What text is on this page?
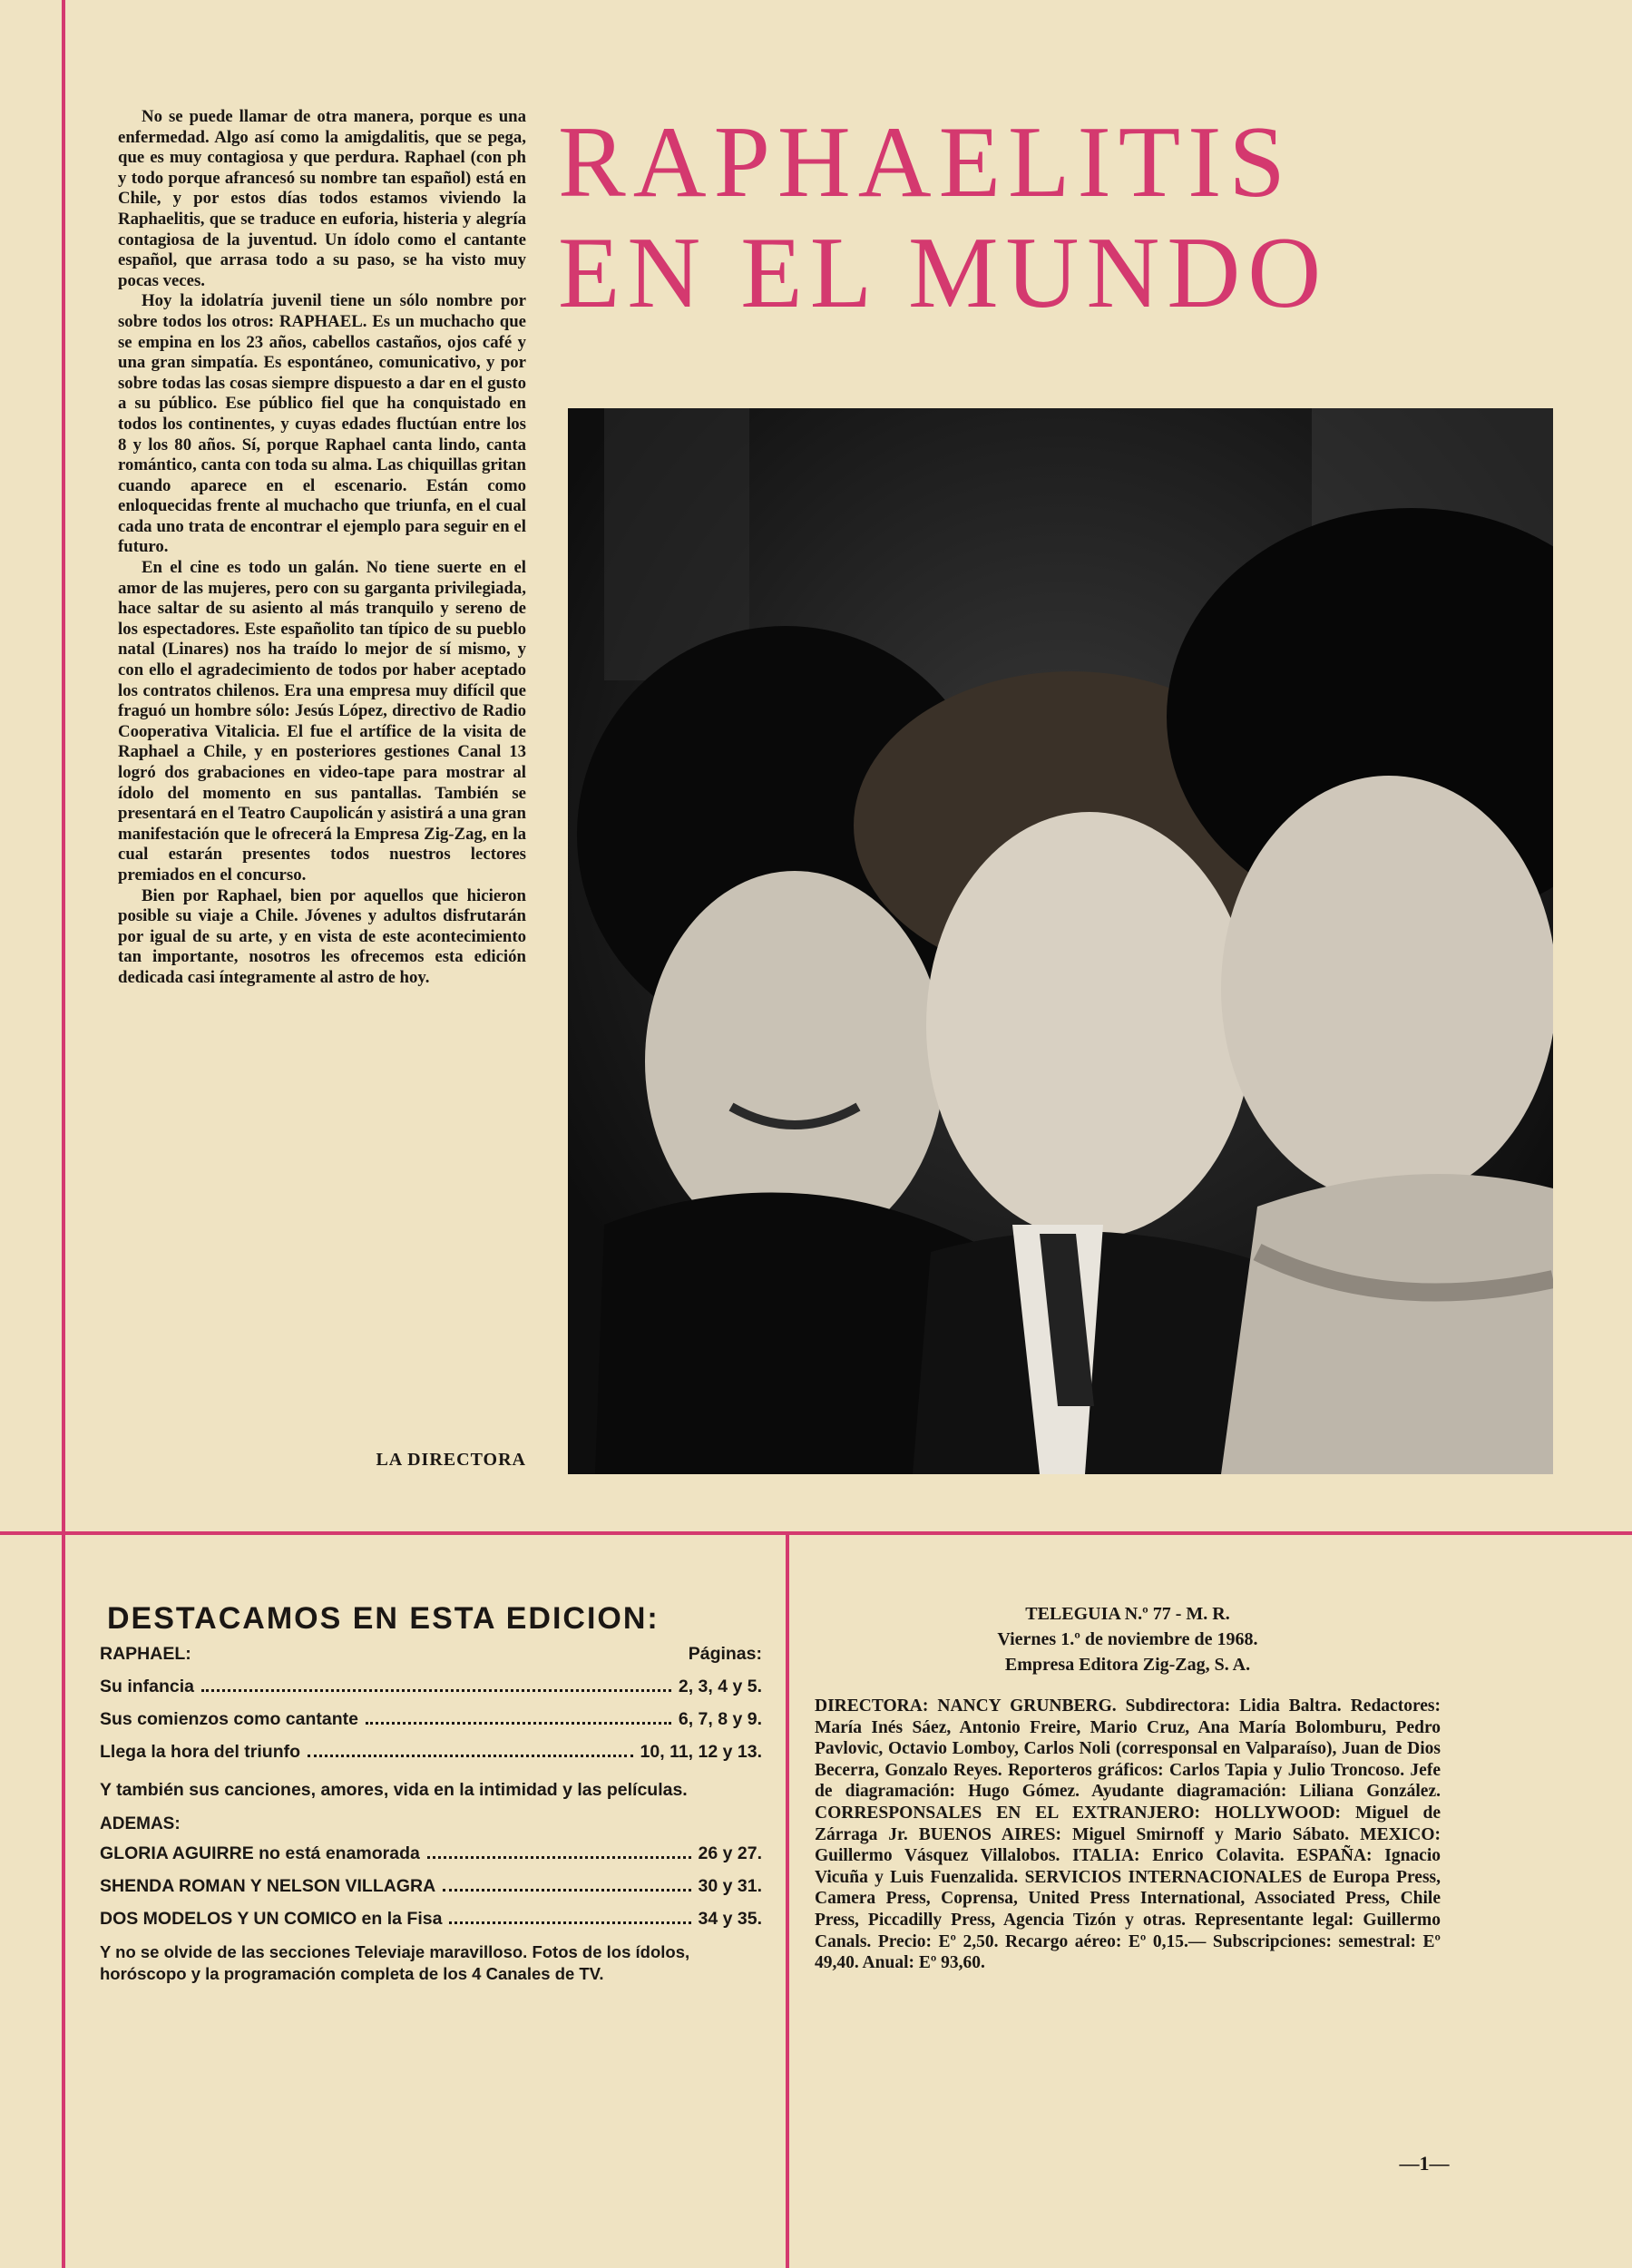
No se puede llamar de otra manera, porque es una enfermedad. Algo así como la amigdalitis, que se pega, que es muy contagiosa y que perdura. Raphael (con ph y todo porque afrancesó su nombre tan español) está en Chile, y por estos días todos estamos viviendo la Raphaelitis, que se traduce en euforia, histeria y alegría contagiosa de la juventud. Un ídolo como el cantante español, que arrasa todo a su paso, se ha visto muy pocas veces.

Hoy la idolatría juvenil tiene un sólo nombre por sobre todos los otros: RAPHAEL. Es un muchacho que se empina en los 23 años, cabellos castaños, ojos café y una gran simpatía. Es espontáneo, comunicativo, y por sobre todas las cosas siempre dispuesto a dar en el gusto a su público. Ese público fiel que ha conquistado en todos los continentes, y cuyas edades fluctúan entre los 8 y los 80 años. Sí, porque Raphael canta lindo, canta romántico, canta con toda su alma. Las chiquillas gritan cuando aparece en el escenario. Están como enloquecidas frente al muchacho que triunfa, en el cual cada uno trata de encontrar el ejemplo para seguir en el futuro.

En el cine es todo un galán. No tiene suerte en el amor de las mujeres, pero con su garganta privilegiada, hace saltar de su asiento al más tranquilo y sereno de los espectadores. Este españolito tan típico de su pueblo natal (Linares) nos ha traído lo mejor de sí mismo, y con ello el agradecimiento de todos por haber aceptado los contratos chilenos. Era una empresa muy difícil que fraguó un hombre sólo: Jesús López, directivo de Radio Cooperativa Vitalicia. El fue el artífice de la visita de Raphael a Chile, y en posteriores gestiones Canal 13 logró dos grabaciones en video-tape para mostrar al ídolo del momento en sus pantallas. También se presentará en el Teatro Caupolicán y asistirá a una gran manifestación que le ofrecerá la Empresa Zig-Zag, en la cual estarán presentes todos nuestros lectores premiados en el concurso.

Bien por Raphael, bien por aquellos que hicieron posible su viaje a Chile. Jóvenes y adultos disfrutarán por igual de su arte, y en vista de este acontecimiento tan importante, nosotros les ofrecemos esta edición dedicada casi íntegramente al astro de hoy.

LA DIRECTORA
RAPHAELITIS
EN EL MUNDO
DESTACAMOS EN ESTA EDICION:
RAPHAEL:	Páginas:
Su infancia	2, 3, 4 y 5.
Sus comienzos como cantante	6, 7, 8 y 9.
Llega la hora del triunfo	10, 11, 12 y 13.
Y también sus canciones, amores, vida en la intimidad y las películas.
ADEMAS:
GLORIA AGUIRRE no está enamorada	26 y 27.
SHENDA ROMAN Y NELSON VILLAGRA	30 y 31.
DOS MODELOS Y UN COMICO en la Fisa	34 y 35.
Y no se olvide de las secciones Televiaje maravilloso. Fotos de los ídolos, horóscopo y la programación completa de los 4 Canales de TV.

TELEGUIA N.º 77 - M. R.

Viernes 1.º de noviembre de 1968.

Empresa Editora Zig-Zag, S. A.

DIRECTORA: NANCY GRUNBERG. Subdirectora: Lidia Baltra. Redactores: María Inés Sáez, Antonio Freire, Mario Cruz, Ana María Bolomburu, Pedro Pavlovic, Octavio Lomboy, Carlos Noli (corresponsal en Valparaíso), Juan de Dios Becerra, Gonzalo Reyes. Reporteros gráficos: Carlos Tapia y Julio Troncoso. Jefe de diagramación: Hugo Gómez. Ayudante diagramación: Liliana González. CORRESPONSALES EN EL EXTRANJERO: HOLLYWOOD: Miguel de Zárraga Jr. BUENOS AIRES: Miguel Smirnoff y Mario Sábato. MEXICO: Guillermo Vásquez Villalobos. ITALIA: Enrico Colavita. ESPAÑA: Ignacio Vicuña y Luis Fuenzalida. SERVICIOS INTERNACIONALES de Europa Press, Camera Press, Coprensa, United Press International, Associated Press, Chile Press, Piccadilly Press, Agencia Tizón y otras. Representante legal: Guillermo Canals. Precio: Eº 2,50. Recargo aéreo: Eº 0,15.— Subscripciones: semestral: Eº 49,40. Anual: Eº 93,60.

—1—
